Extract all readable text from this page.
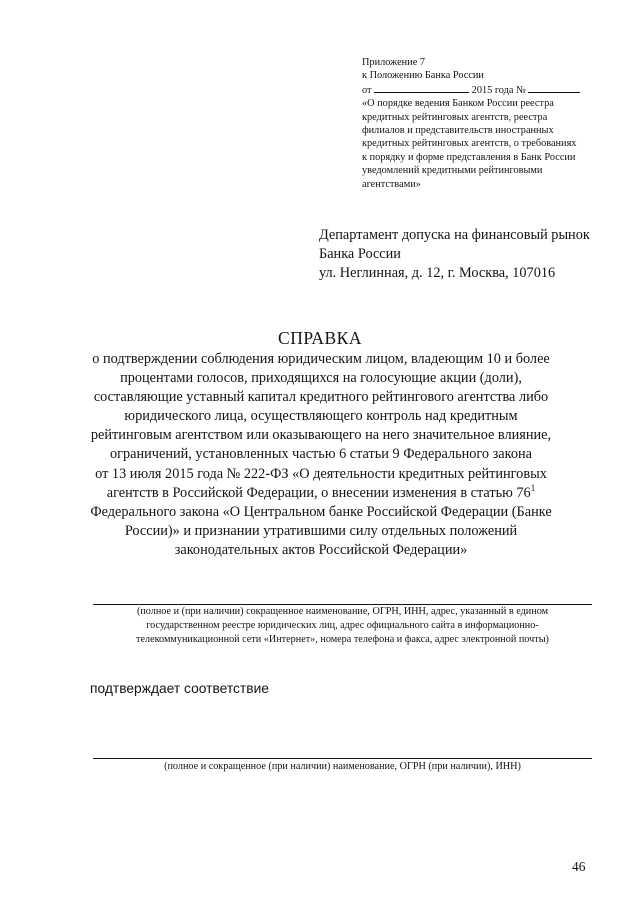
Приложение 7
к Положению Банка России
от	2015 года №
«О порядке ведения Банком России реестра
кредитных рейтинговых агентств, реестра
филиалов и представительств иностранных
кредитных рейтинговых агентств, о требованиях
к порядку и форме представления в Банк России
уведомлений кредитными рейтинговыми
агентствами»
Департамент допуска на финансовый рынок
Банка России
ул. Неглинная, д. 12, г. Москва, 107016
СПРАВКА
о подтверждении соблюдения юридическим лицом, владеющим 10 и более
процентами голосов, приходящихся на голосующие акции (доли),
составляющие уставный капитал кредитного рейтингового агентства либо
юридического лица, осуществляющего контроль над кредитным
рейтинговым агентством или оказывающего на него значительное влияние,
ограничений, установленных частью 6 статьи 9 Федерального закона
от 13 июля 2015 года № 222-ФЗ «О деятельности кредитных рейтинговых
агентств в Российской Федерации, о внесении изменения в статью $76^1$
Федерального закона «О Центральном банке Российской Федерации (Банке
России)» и признании утратившими силу отдельных положений
законодательных актов Российской Федерации»
(полное и (при наличии) сокращенное наименование, ОГРН, ИНН, адрес, указанный в едином
государственном реестре юридических лиц, адрес официального сайта в информационно-
телекоммуникационной сети «Интернет», номера телефона и факса, адрес электронной почты)
подтверждает соответствие
(полное и сокращенное (при наличии) наименование, ОГРН (при наличии), ИНН)
46
